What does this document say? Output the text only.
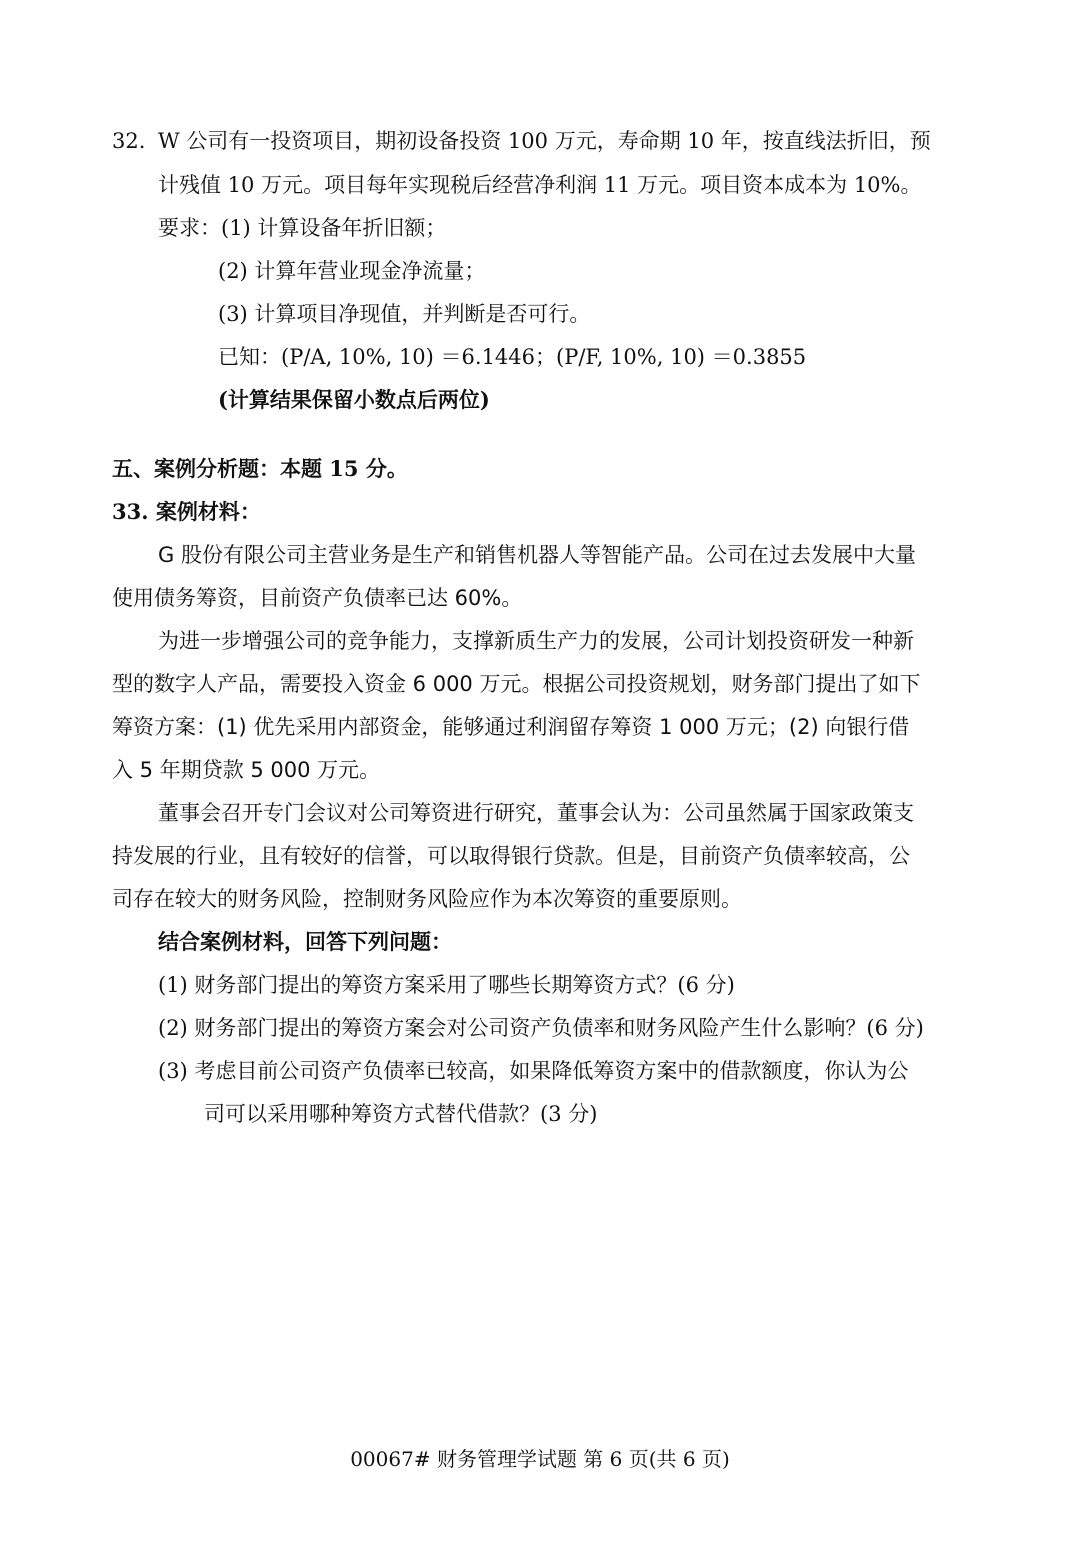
32. W 公司有一投资项目，期初设备投资 100 万元，寿命期 10 年，按直线法折旧，预
计残值 10 万元。项目每年实现税后经营净利润 11 万元。项目资本成本为 10%。
要求：(1) 计算设备年折旧额；
(2) 计算年营业现金净流量；
(3) 计算项目净现值，并判断是否可行。
已知：(P/A, 10%, 10) ＝6.1446；(P/F, 10%, 10) ＝0.3855
(计算结果保留小数点后两位)
五、案例分析题：本题 15 分。
33. 案例材料：
G 股份有限公司主营业务是生产和销售机器人等智能产品。公司在过去发展中大量
使用债务筹资，目前资产负债率已达 60%。
为进一步增强公司的竞争能力，支撑新质生产力的发展，公司计划投资研发一种新
型的数字人产品，需要投入资金 6 000 万元。根据公司投资规划，财务部门提出了如下
筹资方案：(1) 优先采用内部资金，能够通过利润留存筹资 1 000 万元；(2) 向银行借
入 5 年期贷款 5 000 万元。
董事会召开专门会议对公司筹资进行研究，董事会认为：公司虽然属于国家政策支
持发展的行业，且有较好的信誉，可以取得银行贷款。但是，目前资产负债率较高，公
司存在较大的财务风险，控制财务风险应作为本次筹资的重要原则。
结合案例材料，回答下列问题：
(1) 财务部门提出的筹资方案采用了哪些长期筹资方式？(6 分)
(2) 财务部门提出的筹资方案会对公司资产负债率和财务风险产生什么影响？(6 分)
(3) 考虑目前公司资产负债率已较高，如果降低筹资方案中的借款额度，你认为公
司可以采用哪种筹资方式替代借款？(3 分)
00067# 财务管理学试题 第 6 页(共 6 页)
